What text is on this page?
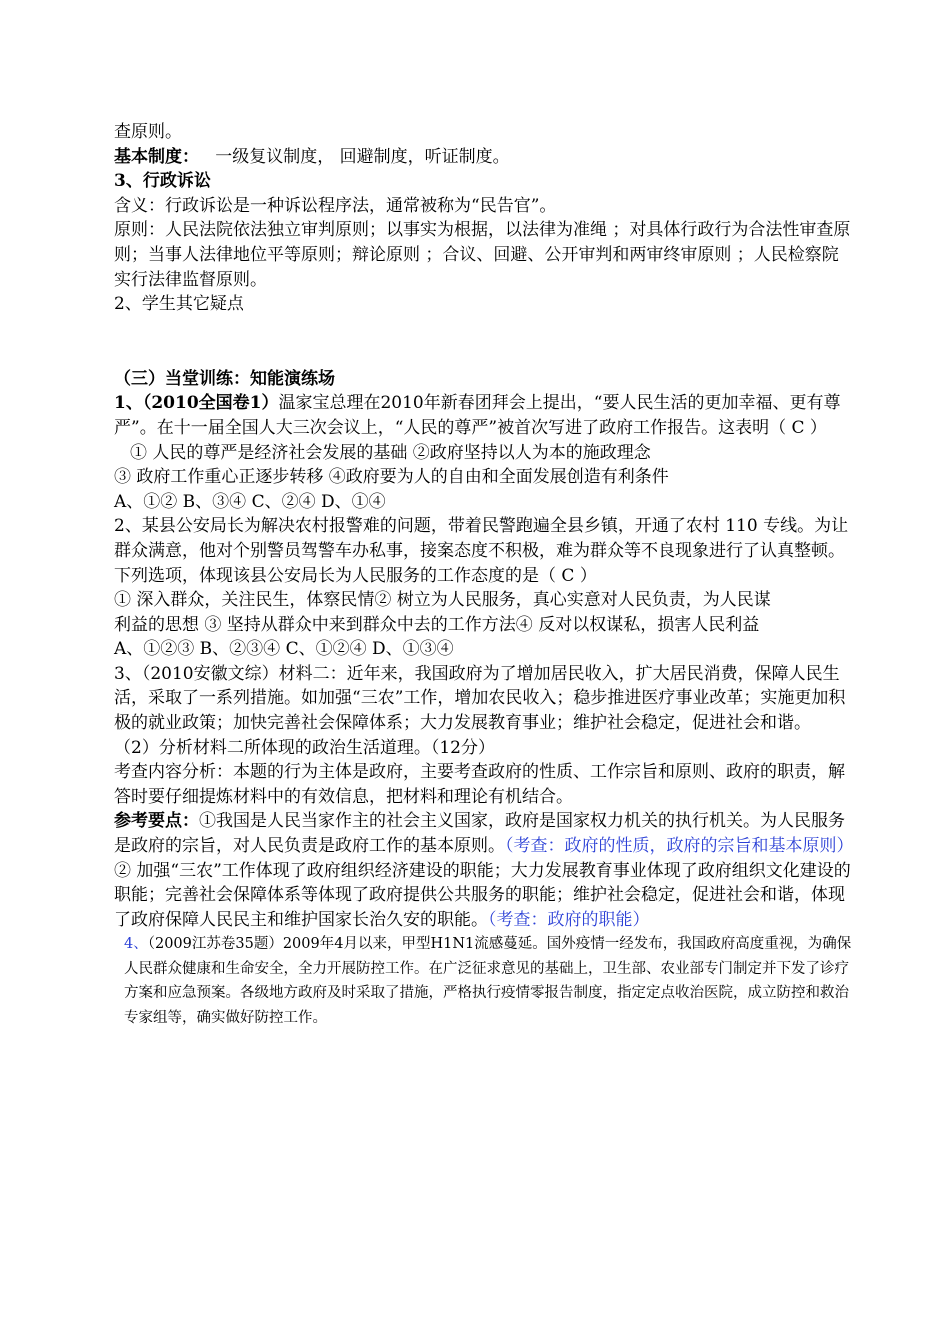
查原则。

基本制度： 一级复议制度， 回避制度，听证制度。

3、行政诉讼

含义：行政诉讼是一种诉讼程序法，通常被称为“民告官”。

原则：人民法院依法独立审判原则；以事实为根据，以法律为准绳 ；对具体行政行为合法性审查原则；当事人法律地位平等原则；辩论原则 ；合议、回避、公开审判和两审终审原则 ；人民检察院实行法律监督原则。

2、学生其它疑点

（三）当堂训练：知能演练场

1、（2010全国卷1）温家宝总理在2010年新春团拜会上提出，“要人民生活的更加幸福、更有尊严”。在十一届全国人大三次会议上，“人民的尊严”被首次写进了政府工作报告。这表明（ C ）

① 人民的尊严是经济社会发展的基础 ②政府坚持以人为本的施政理念

③ 政府工作重心正逐步转移 ④政府要为人的自由和全面发展创造有利条件

A、①② B、③④ C、②④ D、①④

2、某县公安局长为解决农村报警难的问题，带着民警跑遍全县乡镇，开通了农村 110 专线。为让群众满意，他对个别警员驾警车办私事，接案态度不积极，难为群众等不良现象进行了认真整顿。下列选项，体现该县公安局长为人民服务的工作态度的是（ C ）

① 深入群众，关注民生，体察民情② 树立为人民服务，真心实意对人民负责，为人民谋

利益的思想 ③ 坚持从群众中来到群众中去的工作方法④ 反对以权谋私，损害人民利益

A、①②③ B、②③④ C、①②④ D、①③④

3、（2010安徽文综）材料二：近年来，我国政府为了增加居民收入，扩大居民消费，保障人民生活，采取了一系列措施。如加强“三农”工作，增加农民收入；稳步推进医疗事业改革；实施更加积极的就业政策；加快完善社会保障体系；大力发展教育事业；维护社会稳定，促进社会和谐。

（2）分析材料二所体现的政治生活道理。（12分）

考查内容分析：本题的行为主体是政府，主要考查政府的性质、工作宗旨和原则、政府的职责，解答时要仔细提炼材料中的有效信息，把材料和理论有机结合。

参考要点：①我国是人民当家作主的社会主义国家，政府是国家权力机关的执行机关。为人民服务是政府的宗旨，对人民负责是政府工作的基本原则。（考查：政府的性质，政府的宗旨和基本原则）

② 加强“三农”工作体现了政府组织经济建设的职能；大力发展教育事业体现了政府组织文化建设的职能；完善社会保障体系等体现了政府提供公共服务的职能；维护社会稳定，促进社会和谐，体现了政府保障人民民主和维护国家长治久安的职能。（考查：政府的职能）

4、（2009江苏卷35题）2009年4月以来，甲型H1N1流感蔓延。国外疫情一经发布，我国政府高度重视，为确保人民群众健康和生命安全，全力开展防控工作。在广泛征求意见的基础上，卫生部、农业部专门制定并下发了诊疗方案和应急预案。各级地方政府及时采取了措施，严格执行疫情零报告制度，指定定点收治医院，成立防控和救治专家组等，确实做好防控工作。
